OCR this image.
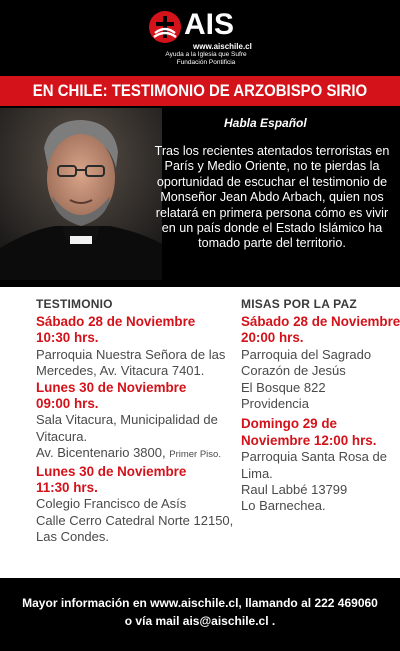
AIS
www.aischile.cl
Ayuda a la Iglesia que Sufre
Fundación Pontificia
EN CHILE: TESTIMONIO DE ARZOBISPO SIRIO
Habla Español
Tras los recientes atentados terroristas en París y Medio Oriente, no te pierdas la oportunidad de escuchar el testimonio de Monseñor Jean Abdo Arbach, quien nos relatará en primera persona cómo es vivir en un país donde el Estado Islámico ha tomado parte del territorio.
TESTIMONIO
Sábado 28 de Noviembre
10:30 hrs.
Parroquia Nuestra Señora de las Mercedes, Av. Vitacura 7401.
Lunes 30 de Noviembre
09:00 hrs.
Sala Vitacura, Municipalidad de Vitacura.
Av. Bicentenario 3800, Primer Piso.
Lunes 30 de Noviembre
11:30 hrs.
Colegio Francisco de Asís
Calle Cerro Catedral Norte 12150, Las Condes.
MISAS POR LA PAZ
Sábado 28 de Noviembre
20:00 hrs.
Parroquia del Sagrado Corazón de Jesús
El Bosque 822
Providencia
Domingo 29 de Noviembre 12:00 hrs.
Parroquia Santa Rosa de Lima.
Raul Labbé 13799
Lo Barnechea.
Mayor información en www.aischile.cl, llamando al 222 469060
o vía mail ais@aischile.cl .
